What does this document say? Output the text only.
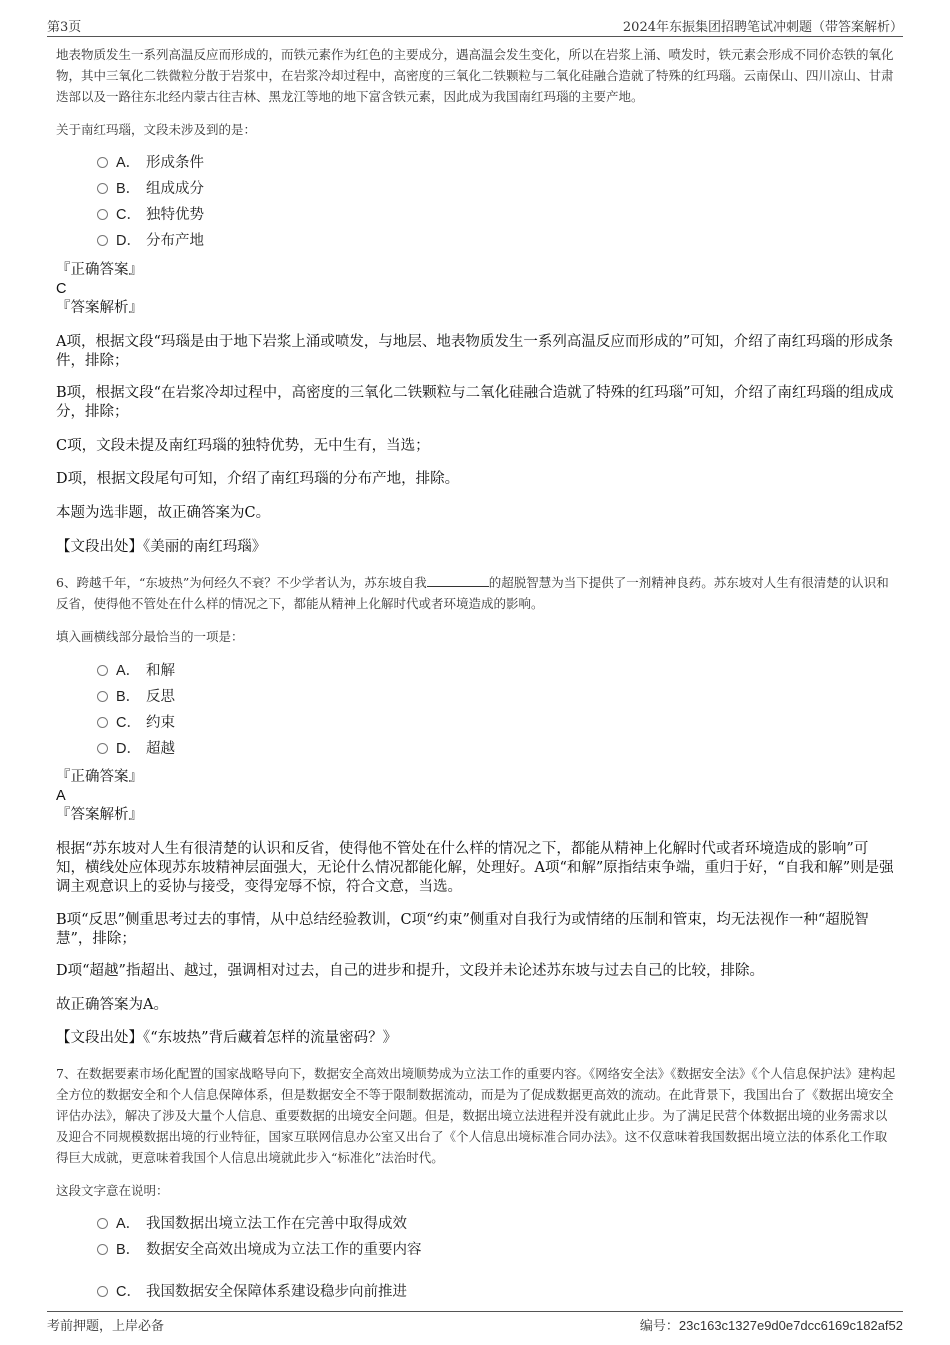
第3页	2024年东振集团招聘笔试冲刺题（带答案解析）

地表物质发生一系列高温反应而形成的，而铁元素作为红色的主要成分，遇高温会发生变化，所以在岩浆上涌、喷发时，铁元素会形成不同价态铁的氧化物，其中三氧化二铁微粒分散于岩浆中，在岩浆冷却过程中，高密度的三氧化二铁颗粒与二氧化硅融合造就了特殊的红玛瑙。云南保山、四川凉山、甘肃迭部以及一路往东北经内蒙古往吉林、黑龙江等地的地下富含铁元素，因此成为我国南红玛瑙的主要产地。

关于南红玛瑙，文段未涉及到的是：

A． 形成条件
B． 组成成分
C． 独特优势
D． 分布产地

『正确答案』

C

『答案解析』

A项，根据文段“玛瑙是由于地下岩浆上涌或喷发，与地层、地表物质发生一系列高温反应而形成的”可知，介绍了南红玛瑙的形成条件，排除；

B项，根据文段“在岩浆冷却过程中，高密度的三氧化二铁颗粒与二氧化硅融合造就了特殊的红玛瑙”可知，介绍了南红玛瑙的组成成分，排除；

C项，文段未提及南红玛瑙的独特优势，无中生有，当选；

D项，根据文段尾句可知，介绍了南红玛瑙的分布产地，排除。

本题为选非题，故正确答案为C。

【文段出处】《美丽的南红玛瑙》

6、跨越千年，“东坡热”为何经久不衰？不少学者认为，苏东坡自我	的超脱智慧为当下提供了一剂精神良药。苏东坡对人生有很清楚的认识和反省，使得他不管处在什么样的情况之下，都能从精神上化解时代或者环境造成的影响。

填入画横线部分最恰当的一项是：

A． 和解
B． 反思
C． 约束
D． 超越

『正确答案』

A

『答案解析』

根据“苏东坡对人生有很清楚的认识和反省，使得他不管处在什么样的情况之下，都能从精神上化解时代或者环境造成的影响”可知，横线处应体现苏东坡精神层面强大，无论什么情况都能化解，处理好。A项“和解”原指结束争端，重归于好，“自我和解”则是强调主观意识上的妥协与接受，变得宠辱不惊，符合文意，当选。

B项“反思”侧重思考过去的事情，从中总结经验教训，C项“约束”侧重对自我行为或情绪的压制和管束，均无法视作一种“超脱智慧”，排除；

D项“超越”指超出、越过，强调相对过去，自己的进步和提升，文段并未论述苏东坡与过去自己的比较，排除。

故正确答案为A。

【文段出处】《“东坡热”背后藏着怎样的流量密码？》

7、在数据要素市场化配置的国家战略导向下，数据安全高效出境顺势成为立法工作的重要内容。《网络安全法》《数据安全法》《个人信息保护法》建构起全方位的数据安全和个人信息保障体系，但是数据安全不等于限制数据流动，而是为了促成数据更高效的流动。在此背景下，我国出台了《数据出境安全评估办法》，解决了涉及大量个人信息、重要数据的出境安全问题。但是，数据出境立法进程并没有就此止步。为了满足民营个体数据出境的业务需求以及迎合不同规模数据出境的行业特征，国家互联网信息办公室又出台了《个人信息出境标准合同办法》。这不仅意味着我国数据出境立法的体系化工作取得巨大成就，更意味着我国个人信息出境就此步入“标准化”法治时代。

这段文字意在说明：

A． 我国数据出境立法工作在完善中取得成效
B． 数据安全高效出境成为立法工作的重要内容
C． 我国数据安全保障体系建设稳步向前推进
考前押题，上岸必备	编号：23c163c1327e9d0e7dcc6169c182af52
